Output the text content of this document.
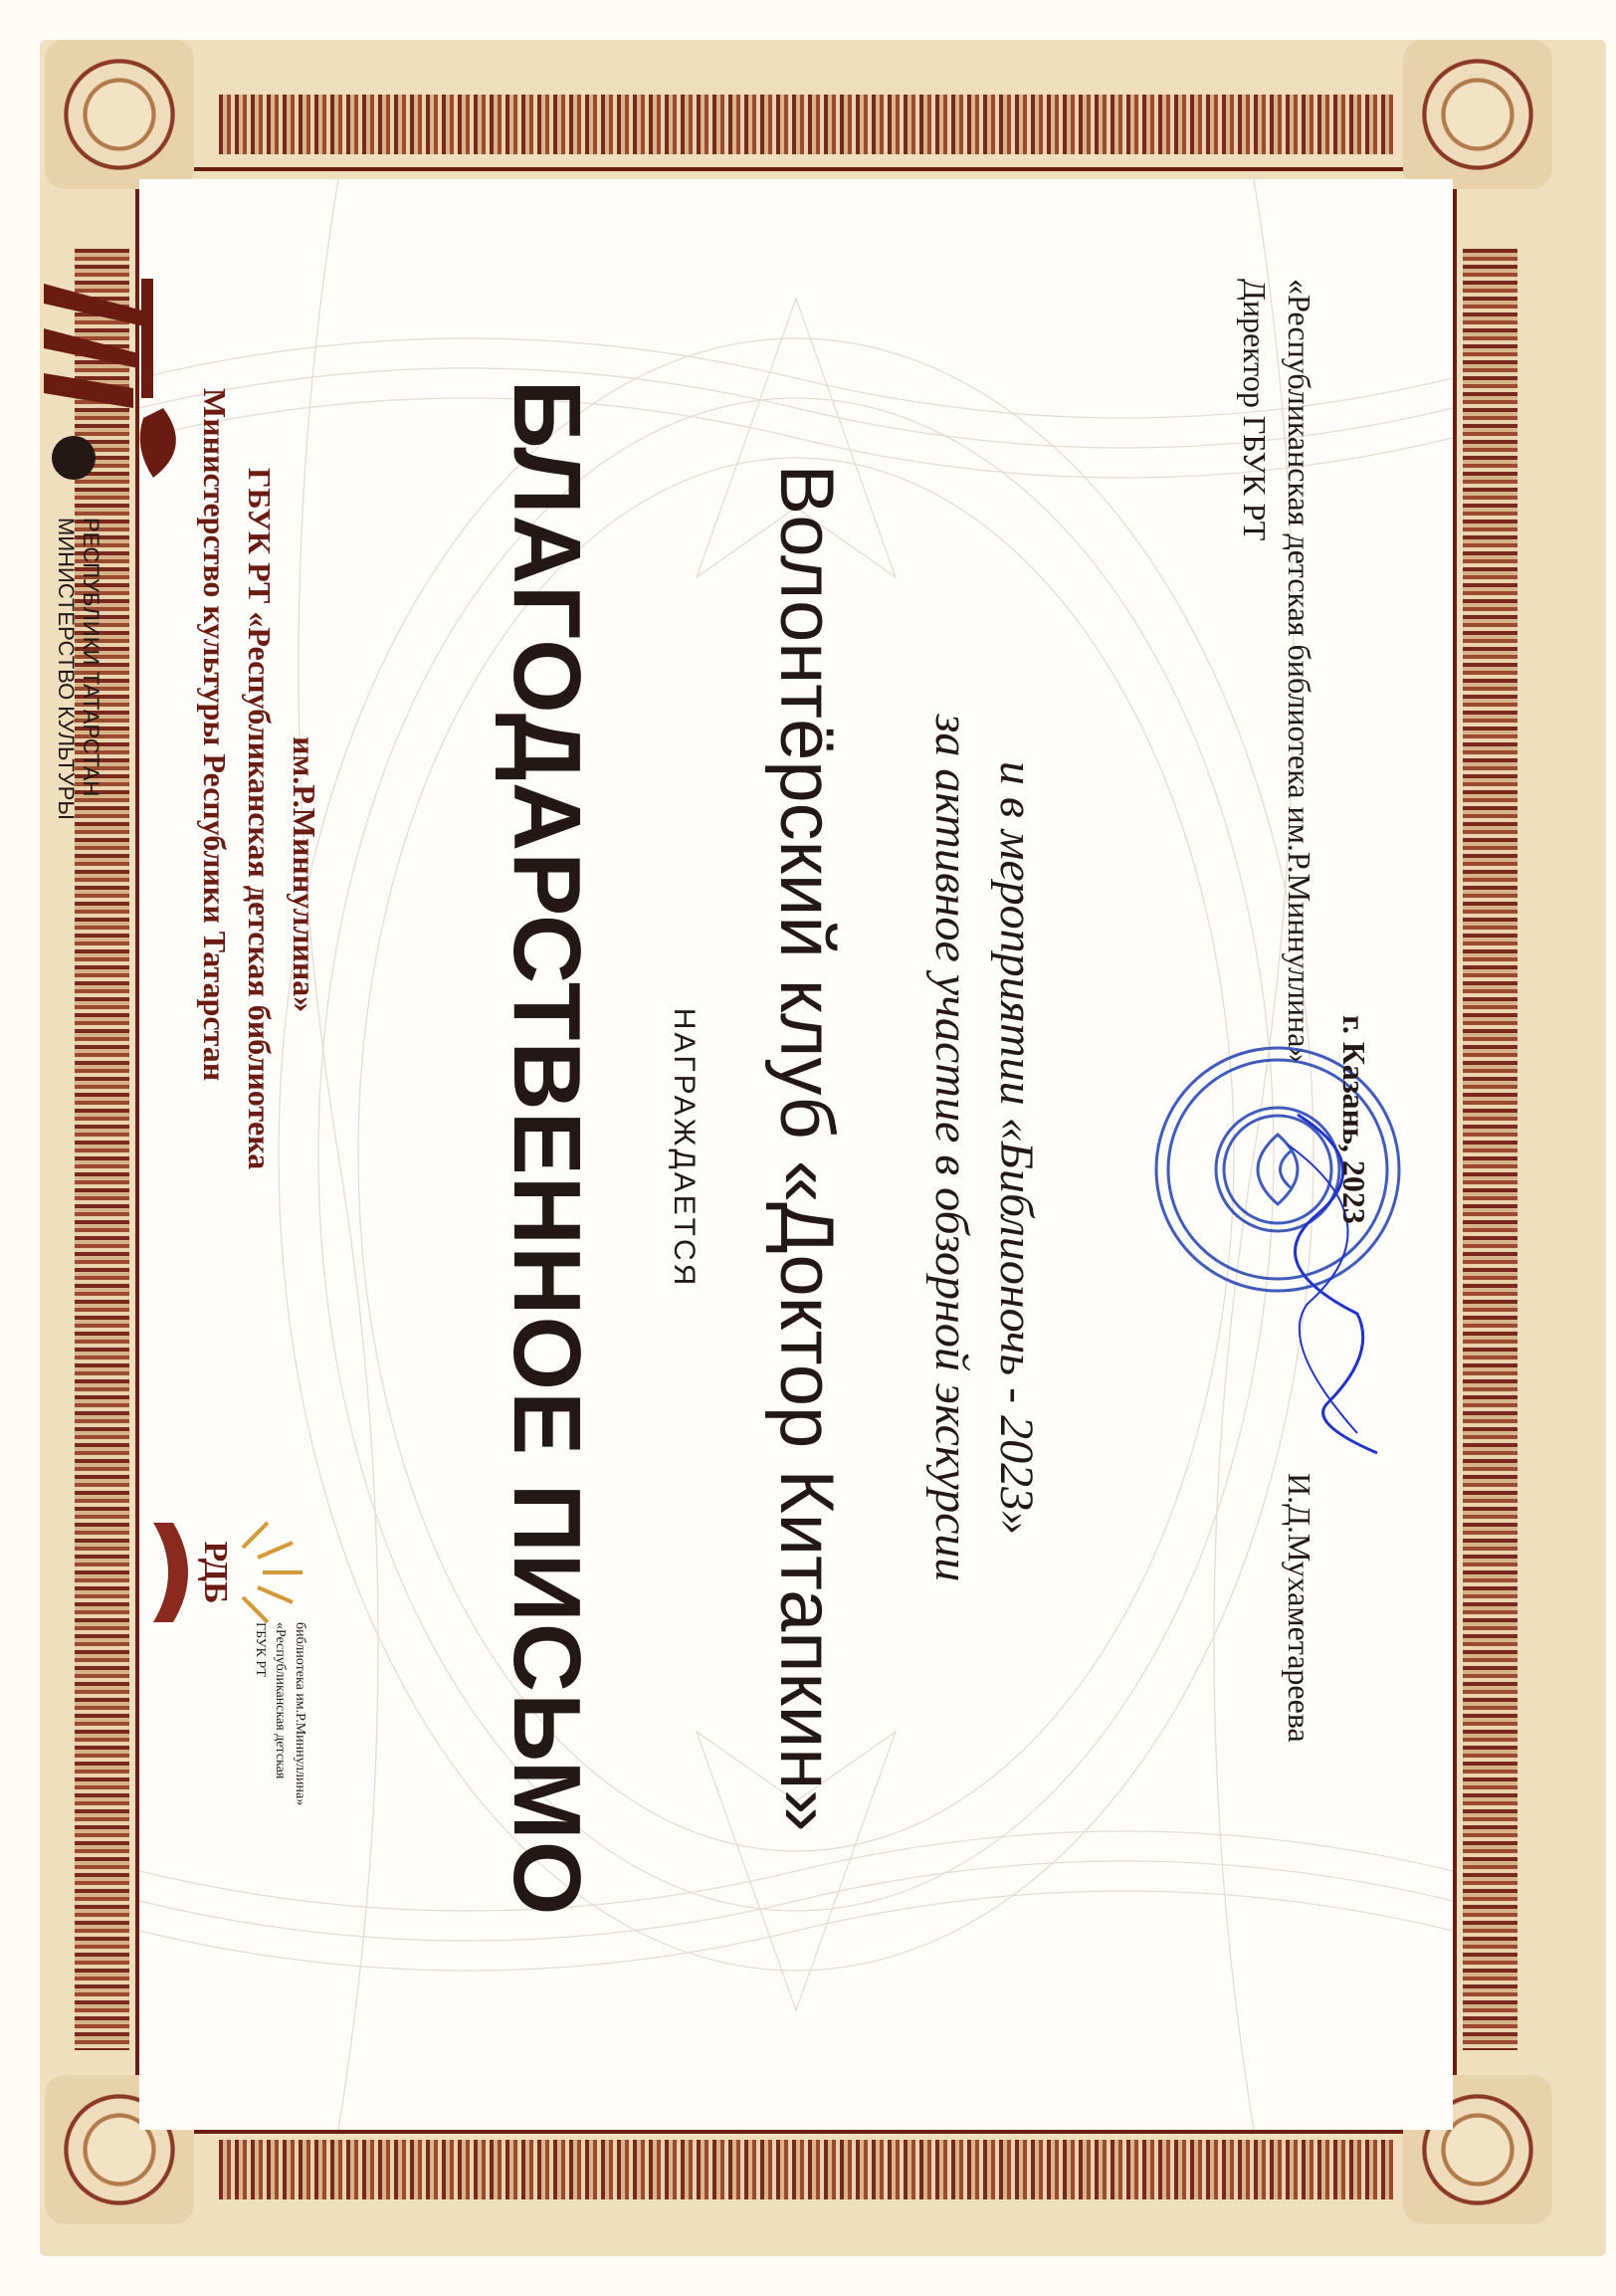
МИНИСТЕРСТВО КУЛЬТУРЫ РЕСПУБЛИКИ ТАТАРСТАН	Министерство культуры Республики Татарстан ГБУК РТ «Республиканская детская библиотека им.Р.Миннуллина»
РДБ
ГБУК РТ «Республиканская детская библиотека им.Р.Миннуллина» БЛАГОДАРСТВЕННОЕ ПИСЬМО НАГРАЖДАЕТСЯ Волонтёрский клуб «Доктор Китапкин» за активное участие в обзорной экскурсии и в мероприятии «Библионочь - 2023»
Директор ГБУК РТ «Республиканская детская библиотека им.Р.Миннуллина»
И.Д.Мухаметареева
г. Казань, 2023
